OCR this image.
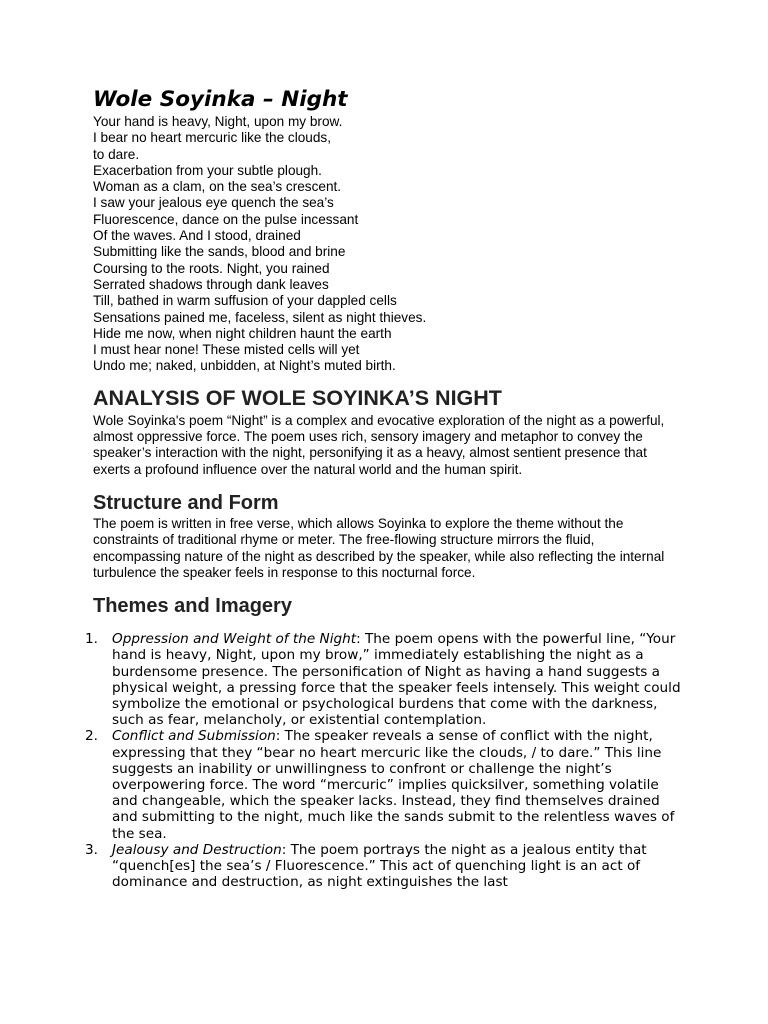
Wole Soyinka – Night
Your hand is heavy, Night, upon my brow.
I bear no heart mercuric like the clouds,
to dare.
Exacerbation from your subtle plough.
Woman as a clam, on the sea’s crescent.
I saw your jealous eye quench the sea’s
Fluorescence, dance on the pulse incessant
Of the waves. And I stood, drained
Submitting like the sands, blood and brine
Coursing to the roots. Night, you rained
Serrated shadows through dank leaves
Till, bathed in warm suffusion of your dappled cells
Sensations pained me, faceless, silent as night thieves.
Hide me now, when night children haunt the earth
I must hear none! These misted cells will yet
Undo me; naked, unbidden, at Night’s muted birth.
ANALYSIS OF WOLE SOYINKA’S NIGHT

Wole Soyinka's poem “Night” is a complex and evocative exploration of the night as a powerful, almost oppressive force. The poem uses rich, sensory imagery and metaphor to convey the speaker’s interaction with the night, personifying it as a heavy, almost sentient presence that exerts a profound influence over the natural world and the human spirit.

Structure and Form

The poem is written in free verse, which allows Soyinka to explore the theme without the constraints of traditional rhyme or meter. The free-flowing structure mirrors the fluid, encompassing nature of the night as described by the speaker, while also reflecting the internal turbulence the speaker feels in response to this nocturnal force.

Themes and Imagery
1. Oppression and Weight of the Night: The poem opens with the powerful line, “Your hand is heavy, Night, upon my brow,” immediately establishing the night as a burdensome presence. The personification of Night as having a hand suggests a physical weight, a pressing force that the speaker feels intensely. This weight could symbolize the emotional or psychological burdens that come with the darkness, such as fear, melancholy, or existential contemplation.
2. Conflict and Submission: The speaker reveals a sense of conflict with the night, expressing that they “bear no heart mercuric like the clouds, / to dare.” This line suggests an inability or unwillingness to confront or challenge the night’s overpowering force. The word “mercuric” implies quicksilver, something volatile and changeable, which the speaker lacks. Instead, they find themselves drained and submitting to the night, much like the sands submit to the relentless waves of the sea.
3. Jealousy and Destruction: The poem portrays the night as a jealous entity that “quench[es] the sea’s / Fluorescence.” This act of quenching light is an act of dominance and destruction, as night extinguishes the last
